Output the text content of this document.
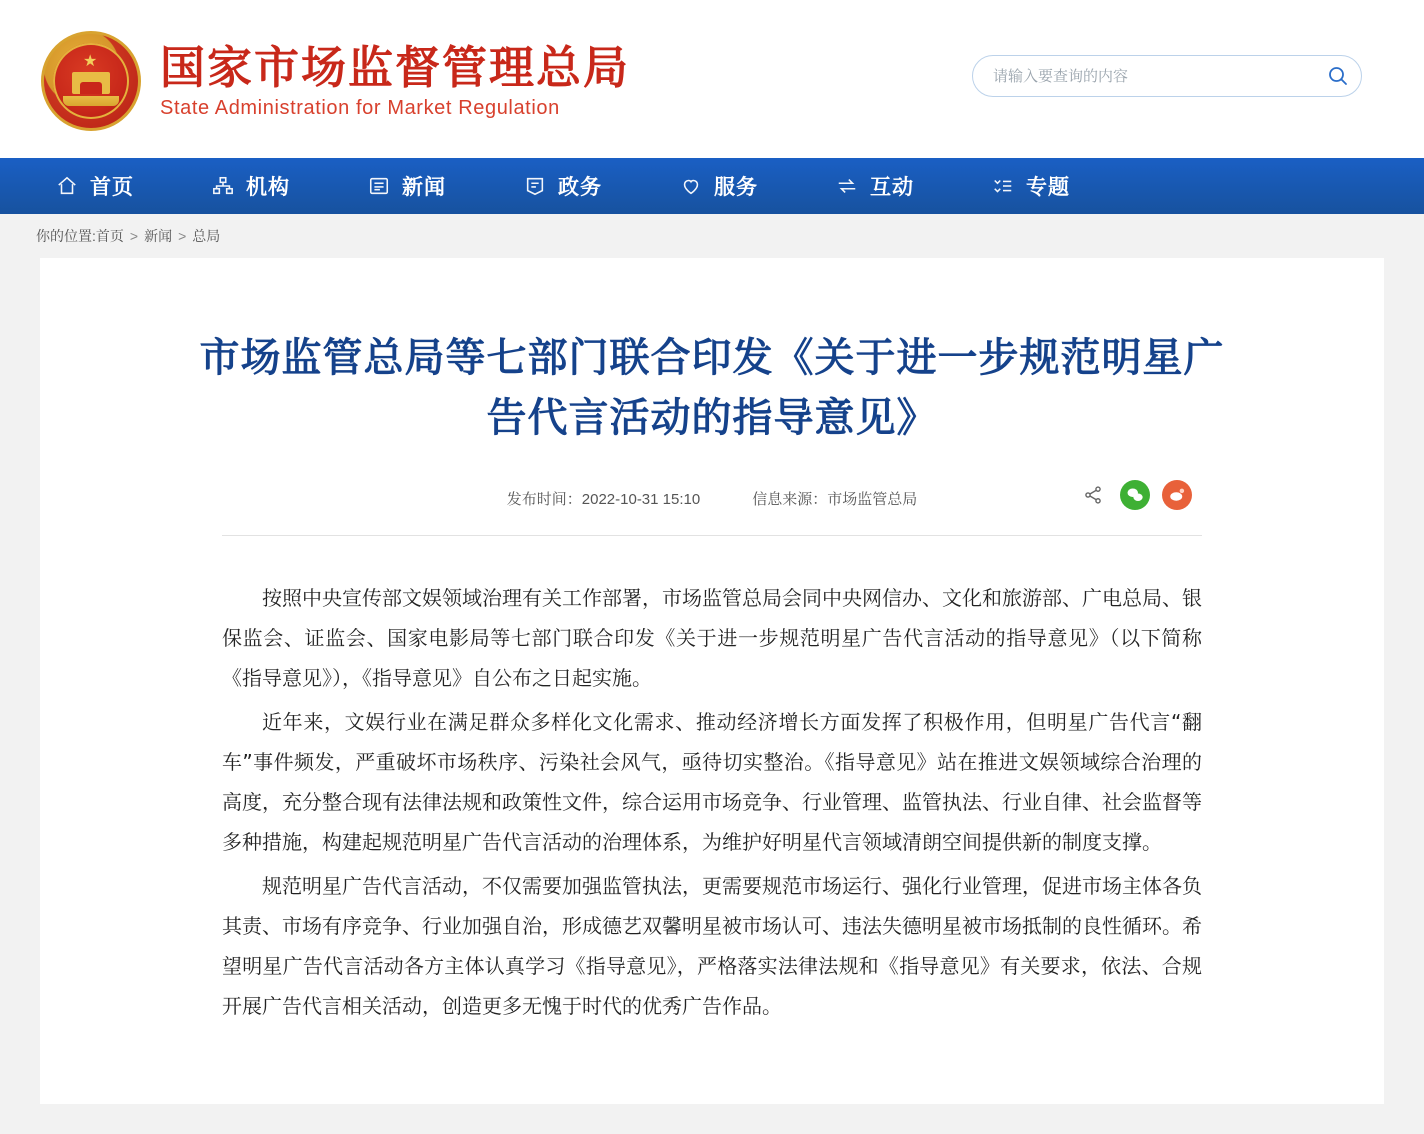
★ 国家市场监督管理总局
State Administration for Market Regulation
请输入要查询的内容
首页	机构	新闻	政务	服务	互动	专题
你的位置: 首页 > 新闻 > 总局
市场监管总局等七部门联合印发《关于进一步规范明星广告代言活动的指导意见》
发布时间：2022-10-31 15:10	信息来源：市场监管总局

按照中央宣传部文娱领域治理有关工作部署，市场监管总局会同中央网信办、文化和旅游部、广电总局、银保监会、证监会、国家电影局等七部门联合印发《关于进一步规范明星广告代言活动的指导意见》（以下简称《指导意见》），《指导意见》自公布之日起实施。

近年来，文娱行业在满足群众多样化文化需求、推动经济增长方面发挥了积极作用，但明星广告代言“翻车”事件频发，严重破坏市场秩序、污染社会风气，亟待切实整治。《指导意见》站在推进文娱领域综合治理的高度，充分整合现有法律法规和政策性文件，综合运用市场竞争、行业管理、监管执法、行业自律、社会监督等多种措施，构建起规范明星广告代言活动的治理体系，为维护好明星代言领域清朗空间提供新的制度支撑。

规范明星广告代言活动，不仅需要加强监管执法，更需要规范市场运行、强化行业管理，促进市场主体各负其责、市场有序竞争、行业加强自治，形成德艺双馨明星被市场认可、违法失德明星被市场抵制的良性循环。希望明星广告代言活动各方主体认真学习《指导意见》，严格落实法律法规和《指导意见》有关要求，依法、合规开展广告代言相关活动，创造更多无愧于时代的优秀广告作品。
